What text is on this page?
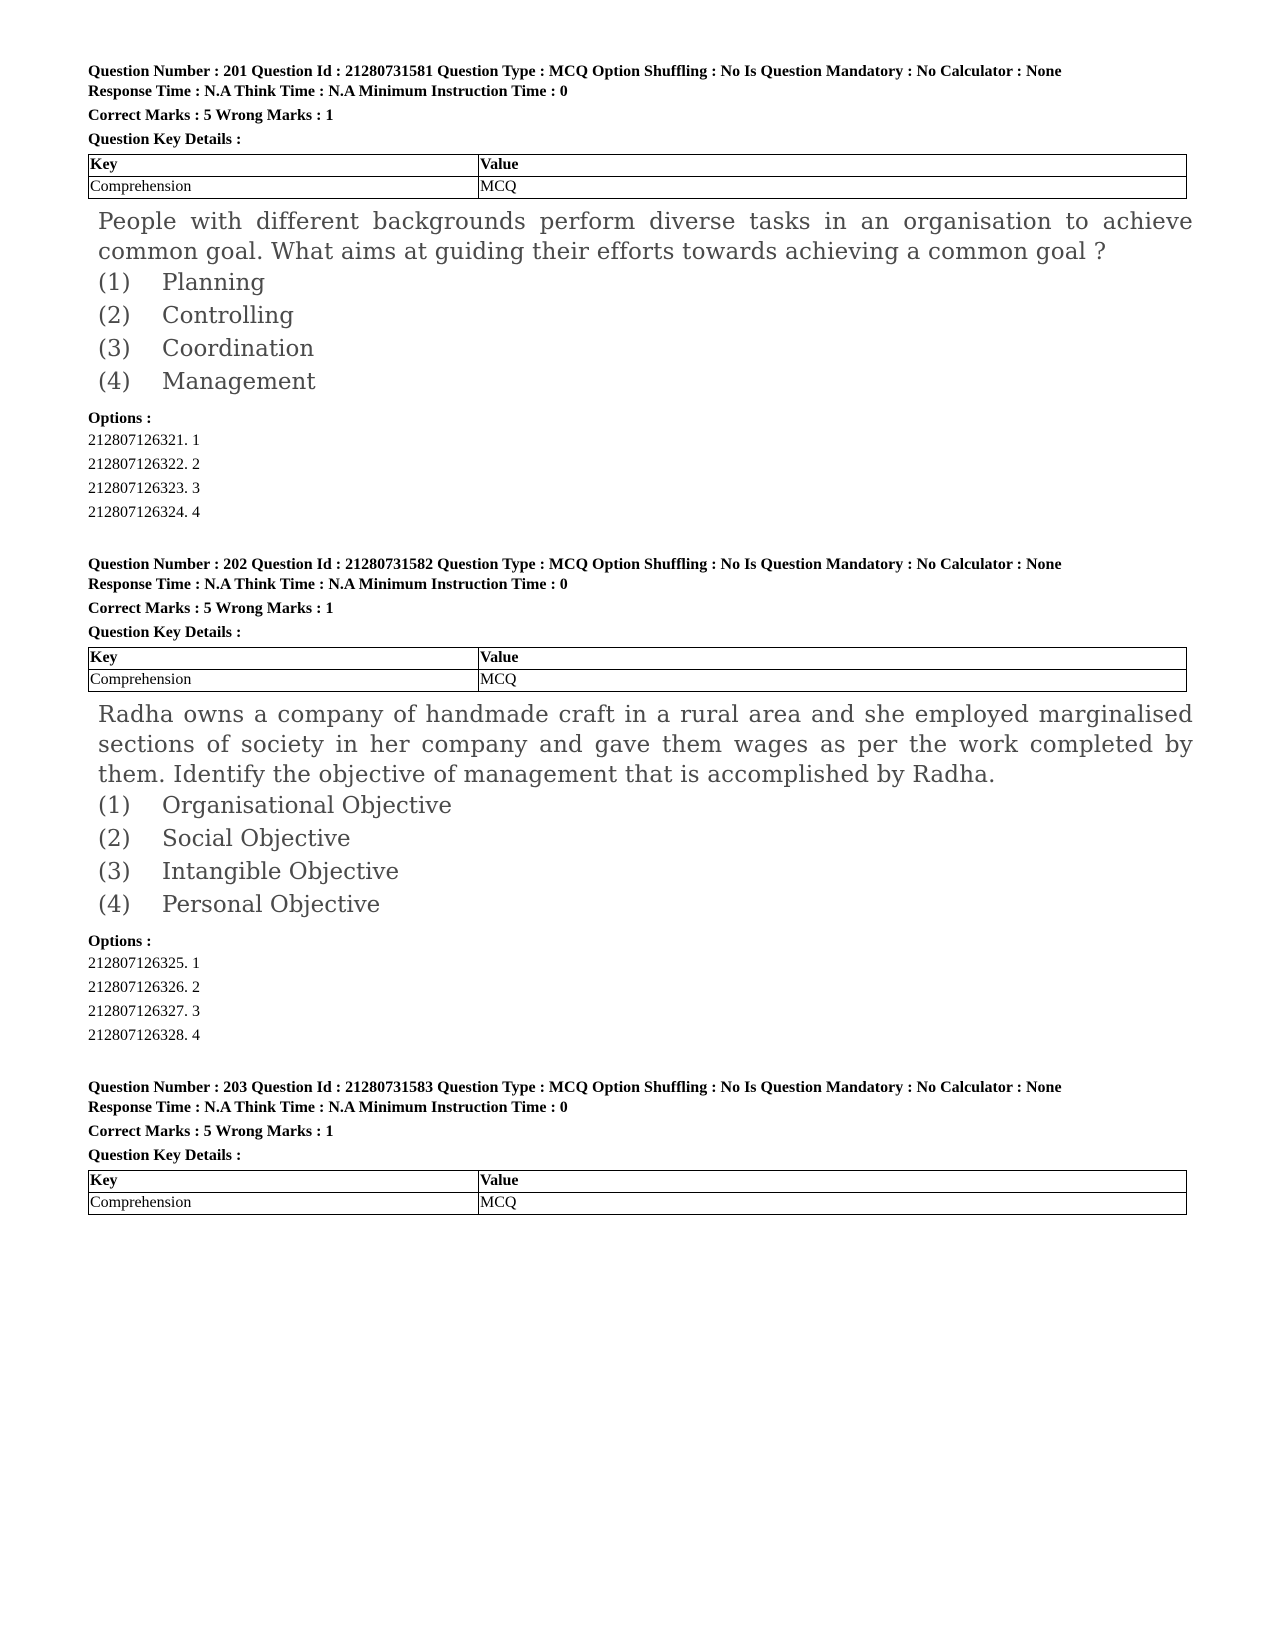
Question Number : 201 Question Id : 21280731581 Question Type : MCQ Option Shuffling : No Is Question Mandatory : No Calculator : None
Response Time : N.A Think Time : N.A Minimum Instruction Time : 0
Correct Marks : 5 Wrong Marks : 1
Question Key Details :
Key	Value
Comprehension	MCQ
People with different backgrounds perform diverse tasks in an organisation to achieve common goal. What aims at guiding their efforts towards achieving a common goal ?
(1)	Planning
(2)	Controlling
(3)	Coordination
(4)	Management
Options :
212807126321. 1
212807126322. 2
212807126323. 3
212807126324. 4
Question Number : 202 Question Id : 21280731582 Question Type : MCQ Option Shuffling : No Is Question Mandatory : No Calculator : None
Response Time : N.A Think Time : N.A Minimum Instruction Time : 0
Correct Marks : 5 Wrong Marks : 1
Question Key Details :
Key	Value
Comprehension	MCQ
Radha owns a company of handmade craft in a rural area and she employed marginalised sections of society in her company and gave them wages as per the work completed by them. Identify the objective of management that is accomplished by Radha.
(1)	Organisational Objective
(2)	Social Objective
(3)	Intangible Objective
(4)	Personal Objective
Options :
212807126325. 1
212807126326. 2
212807126327. 3
212807126328. 4
Question Number : 203 Question Id : 21280731583 Question Type : MCQ Option Shuffling : No Is Question Mandatory : No Calculator : None
Response Time : N.A Think Time : N.A Minimum Instruction Time : 0
Correct Marks : 5 Wrong Marks : 1
Question Key Details :
Key	Value
Comprehension	MCQ
